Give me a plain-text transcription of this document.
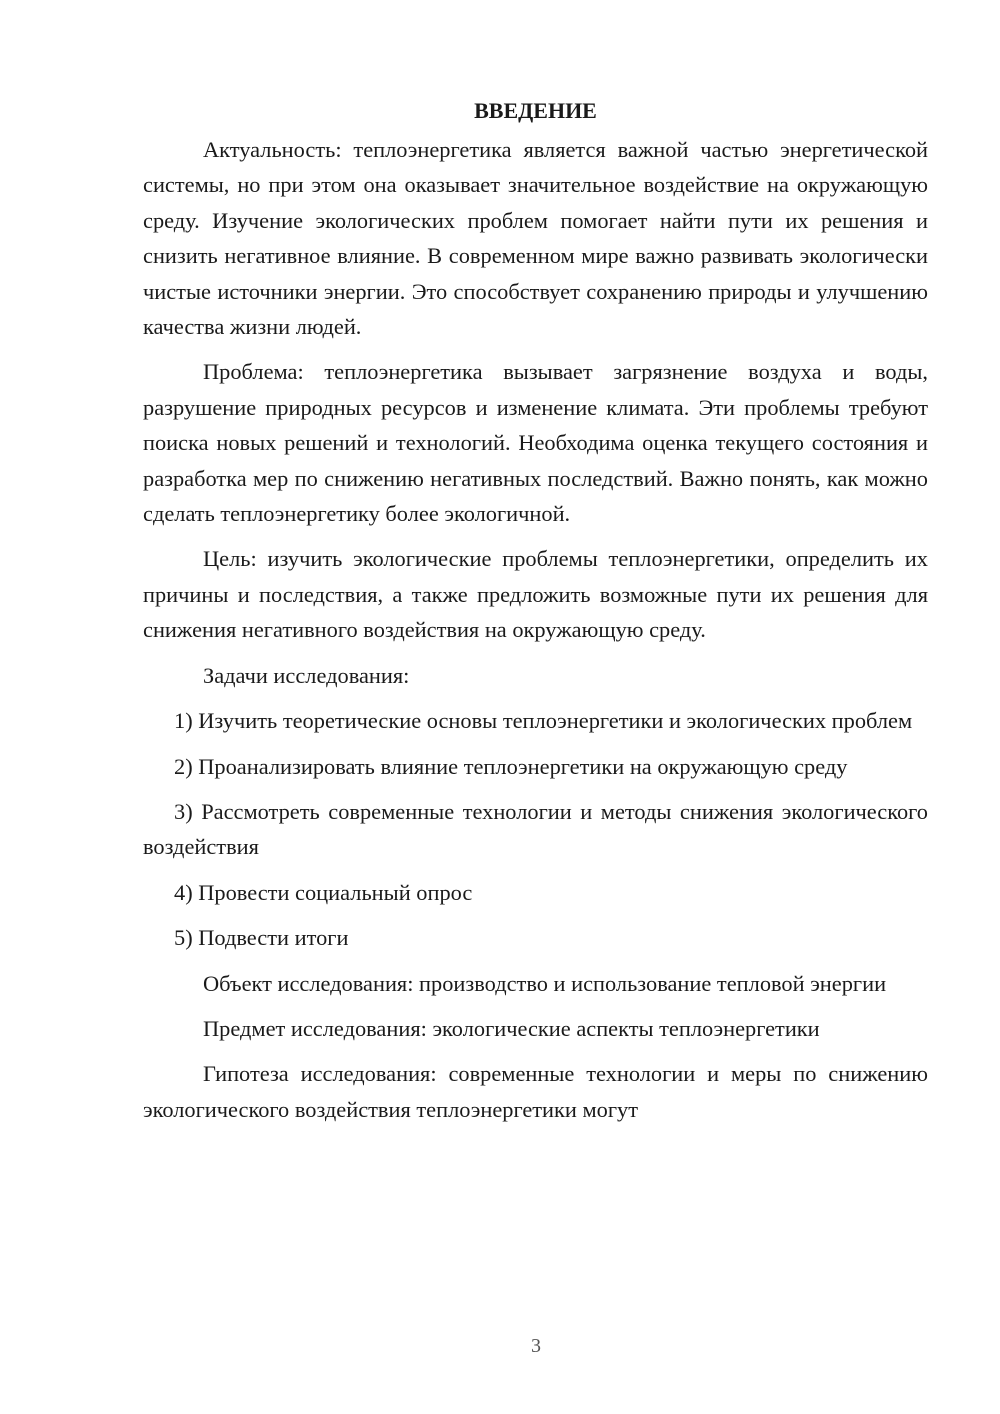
ВВЕДЕНИЕ

Актуальность: теплоэнергетика является важной частью энергетической системы, но при этом она оказывает значительное воздействие на окружающую среду. Изучение экологических проблем помогает найти пути их решения и снизить негативное влияние. В современном мире важно развивать экологически чистые источники энергии. Это способствует сохранению природы и улучшению качества жизни людей.

Проблема: теплоэнергетика вызывает загрязнение воздуха и воды, разрушение природных ресурсов и изменение климата. Эти проблемы требуют поиска новых решений и технологий. Необходима оценка текущего состояния и разработка мер по снижению негативных последствий. Важно понять, как можно сделать теплоэнергетику более экологичной.

Цель: изучить экологические проблемы теплоэнергетики, определить их причины и последствия, а также предложить возможные пути их решения для снижения негативного воздействия на окружающую среду.

Задачи исследования:

1) Изучить теоретические основы теплоэнергетики и экологических проблем

2) Проанализировать влияние теплоэнергетики на окружающую среду

3) Рассмотреть современные технологии и методы снижения экологического воздействия

4) Провести социальный опрос

5) Подвести итоги

Объект исследования: производство и использование тепловой энергии

Предмет исследования: экологические аспекты теплоэнергетики

Гипотеза исследования: современные технологии и меры по снижению экологического воздействия теплоэнергетики могут

3
